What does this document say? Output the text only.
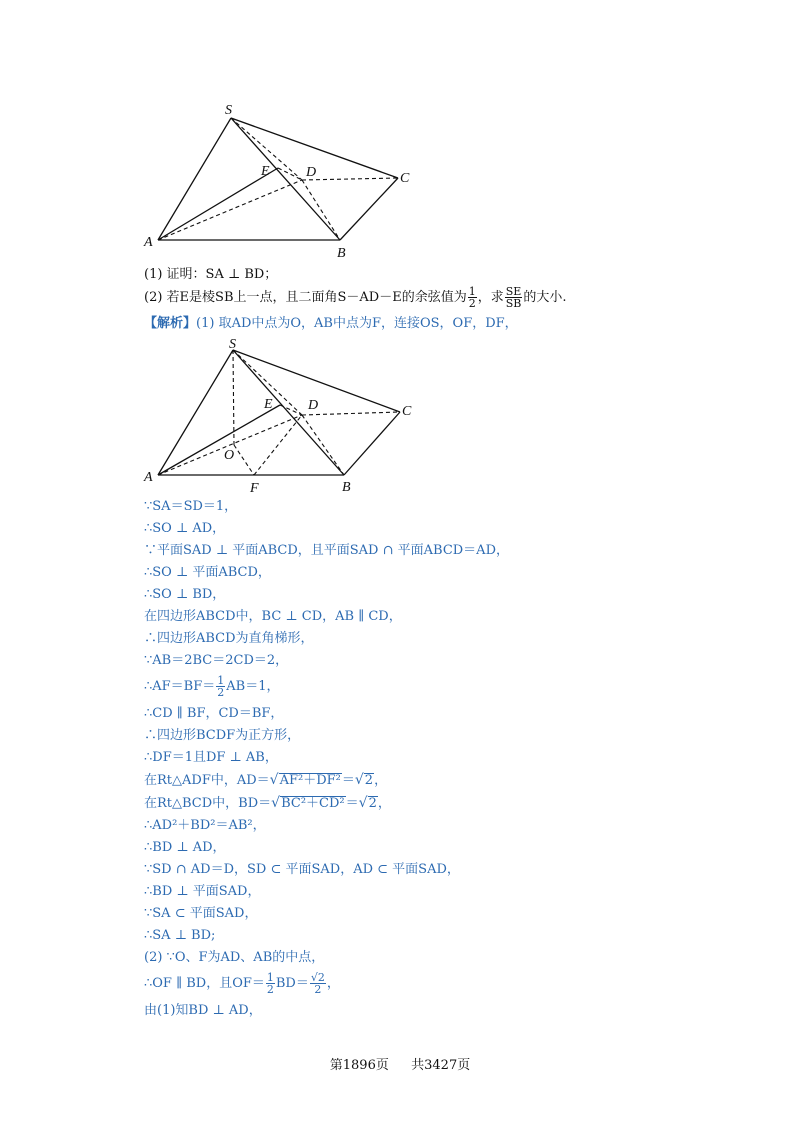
S
A
B
C
D
E
(1) 证明：SA ⊥ BD；
(2) 若E是棱SB上一点，且二面角S－AD－E的余弦值为 $\frac{1}{2}$ ，求 $\frac{SE}{SB}$ 的大小.
【解析】(1) 取AD中点为O，AB中点为F，连接OS，OF，DF，
S
A
B
C
D
E
O
F
∵SA＝SD＝1，
∴SO ⊥ AD，
∵平面SAD ⊥ 平面ABCD，且平面SAD ∩ 平面ABCD＝AD，
∴SO ⊥ 平面ABCD，
∴SO ⊥ BD，
在四边形ABCD中，BC ⊥ CD，AB ∥ CD，
∴四边形ABCD为直角梯形，
∵AB＝2BC＝2CD＝2，
∴AF＝BF＝ $\frac{1}{2} AB=1$，
∴CD ∥ BF，CD＝BF，
∴四边形BCDF为正方形，
∴DF＝1且DF ⊥ AB，
在Rt△ADF中，AD＝√AF²＋DF²＝√2，
在Rt△BCD中，BD＝√BC²＋CD²＝√2，
∴AD²＋BD²＝AB²，
∴BD ⊥ AD，
∵SD ∩ AD＝D，SD ⊂ 平面SAD，AD ⊂ 平面SAD，
∴BD ⊥ 平面SAD，
∵SA ⊂ 平面SAD，
∴SA ⊥ BD;
(2) ∵O、F为AD、AB的中点，
∴OF ∥ BD，且$OF= \frac{1}{2} BD= \frac{√2}{2}$ ，
由(1)知BD ⊥ AD，
第1896页 共3427页
